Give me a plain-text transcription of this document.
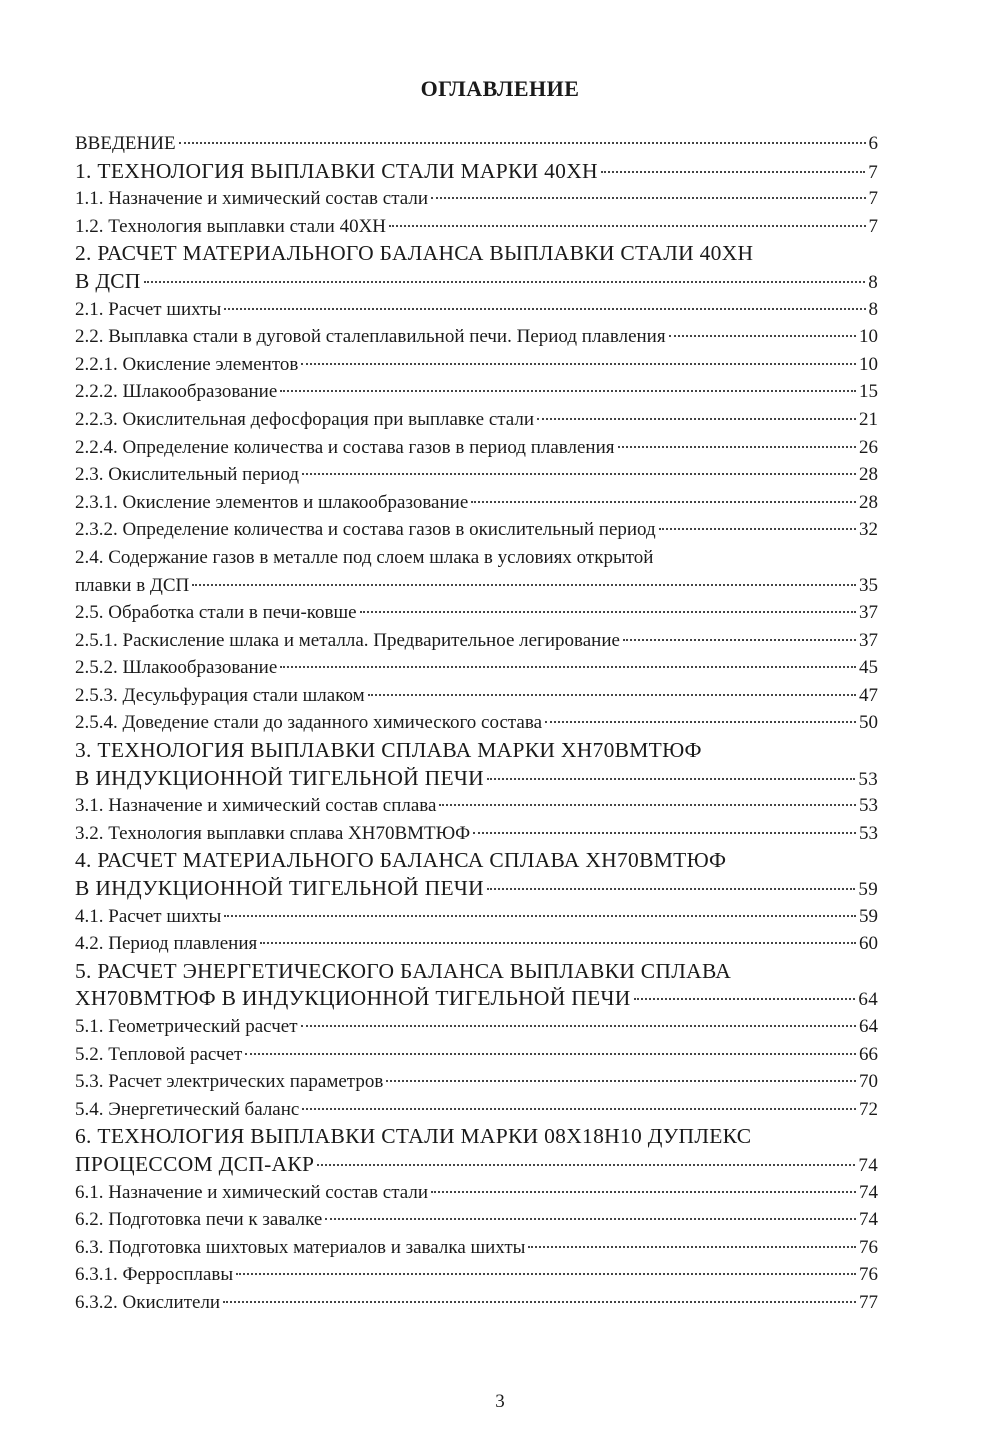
ОГЛАВЛЕНИЕ
ВВЕДЕНИЕ	6
1. ТЕХНОЛОГИЯ ВЫПЛАВКИ СТАЛИ МАРКИ 40ХН	7
1.1. Назначение и химический состав стали	7
1.2. Технология выплавки стали 40ХН	7
2. РАСЧЕТ МАТЕРИАЛЬНОГО БАЛАНСА ВЫПЛАВКИ СТАЛИ 40ХН
В ДСП	8
2.1. Расчет шихты	8
2.2. Выплавка стали в дуговой сталеплавильной печи. Период плавления	10
2.2.1. Окисление элементов	10
2.2.2. Шлакообразование	15
2.2.3. Окислительная дефосфорация при выплавке стали	21
2.2.4. Определение количества и состава газов в период плавления	26
2.3. Окислительный период	28
2.3.1. Окисление элементов и шлакообразование	28
2.3.2. Определение количества и состава газов в окислительный период	32
2.4. Содержание газов в металле под слоем шлака в условиях открытой
плавки в ДСП	35
2.5. Обработка стали в печи-ковше	37
2.5.1. Раскисление шлака и металла. Предварительное легирование	37
2.5.2. Шлакообразование	45
2.5.3. Десульфурация стали шлаком	47
2.5.4. Доведение стали до заданного химического состава	50
3. ТЕХНОЛОГИЯ ВЫПЛАВКИ СПЛАВА МАРКИ ХН70ВМТЮФ
В ИНДУКЦИОННОЙ ТИГЕЛЬНОЙ ПЕЧИ	53
3.1. Назначение и химический состав сплава	53
3.2. Технология выплавки сплава ХН70ВМТЮФ	53
4. РАСЧЕТ МАТЕРИАЛЬНОГО БАЛАНСА СПЛАВА ХН70ВМТЮФ
В ИНДУКЦИОННОЙ ТИГЕЛЬНОЙ ПЕЧИ	59
4.1. Расчет шихты	59
4.2. Период плавления	60
5. РАСЧЕТ ЭНЕРГЕТИЧЕСКОГО БАЛАНСА ВЫПЛАВКИ СПЛАВА
ХН70ВМТЮФ В ИНДУКЦИОННОЙ ТИГЕЛЬНОЙ ПЕЧИ	64
5.1. Геометрический расчет	64
5.2. Тепловой расчет	66
5.3. Расчет электрических параметров	70
5.4. Энергетический баланс	72
6. ТЕХНОЛОГИЯ ВЫПЛАВКИ СТАЛИ МАРКИ 08Х18Н10 ДУПЛЕКС
ПРОЦЕССОМ ДСП-АКР	74
6.1. Назначение и химический состав стали	74
6.2. Подготовка печи к завалке	74
6.3. Подготовка шихтовых материалов и завалка шихты	76
6.3.1. Ферросплавы	76
6.3.2. Окислители	77
3
